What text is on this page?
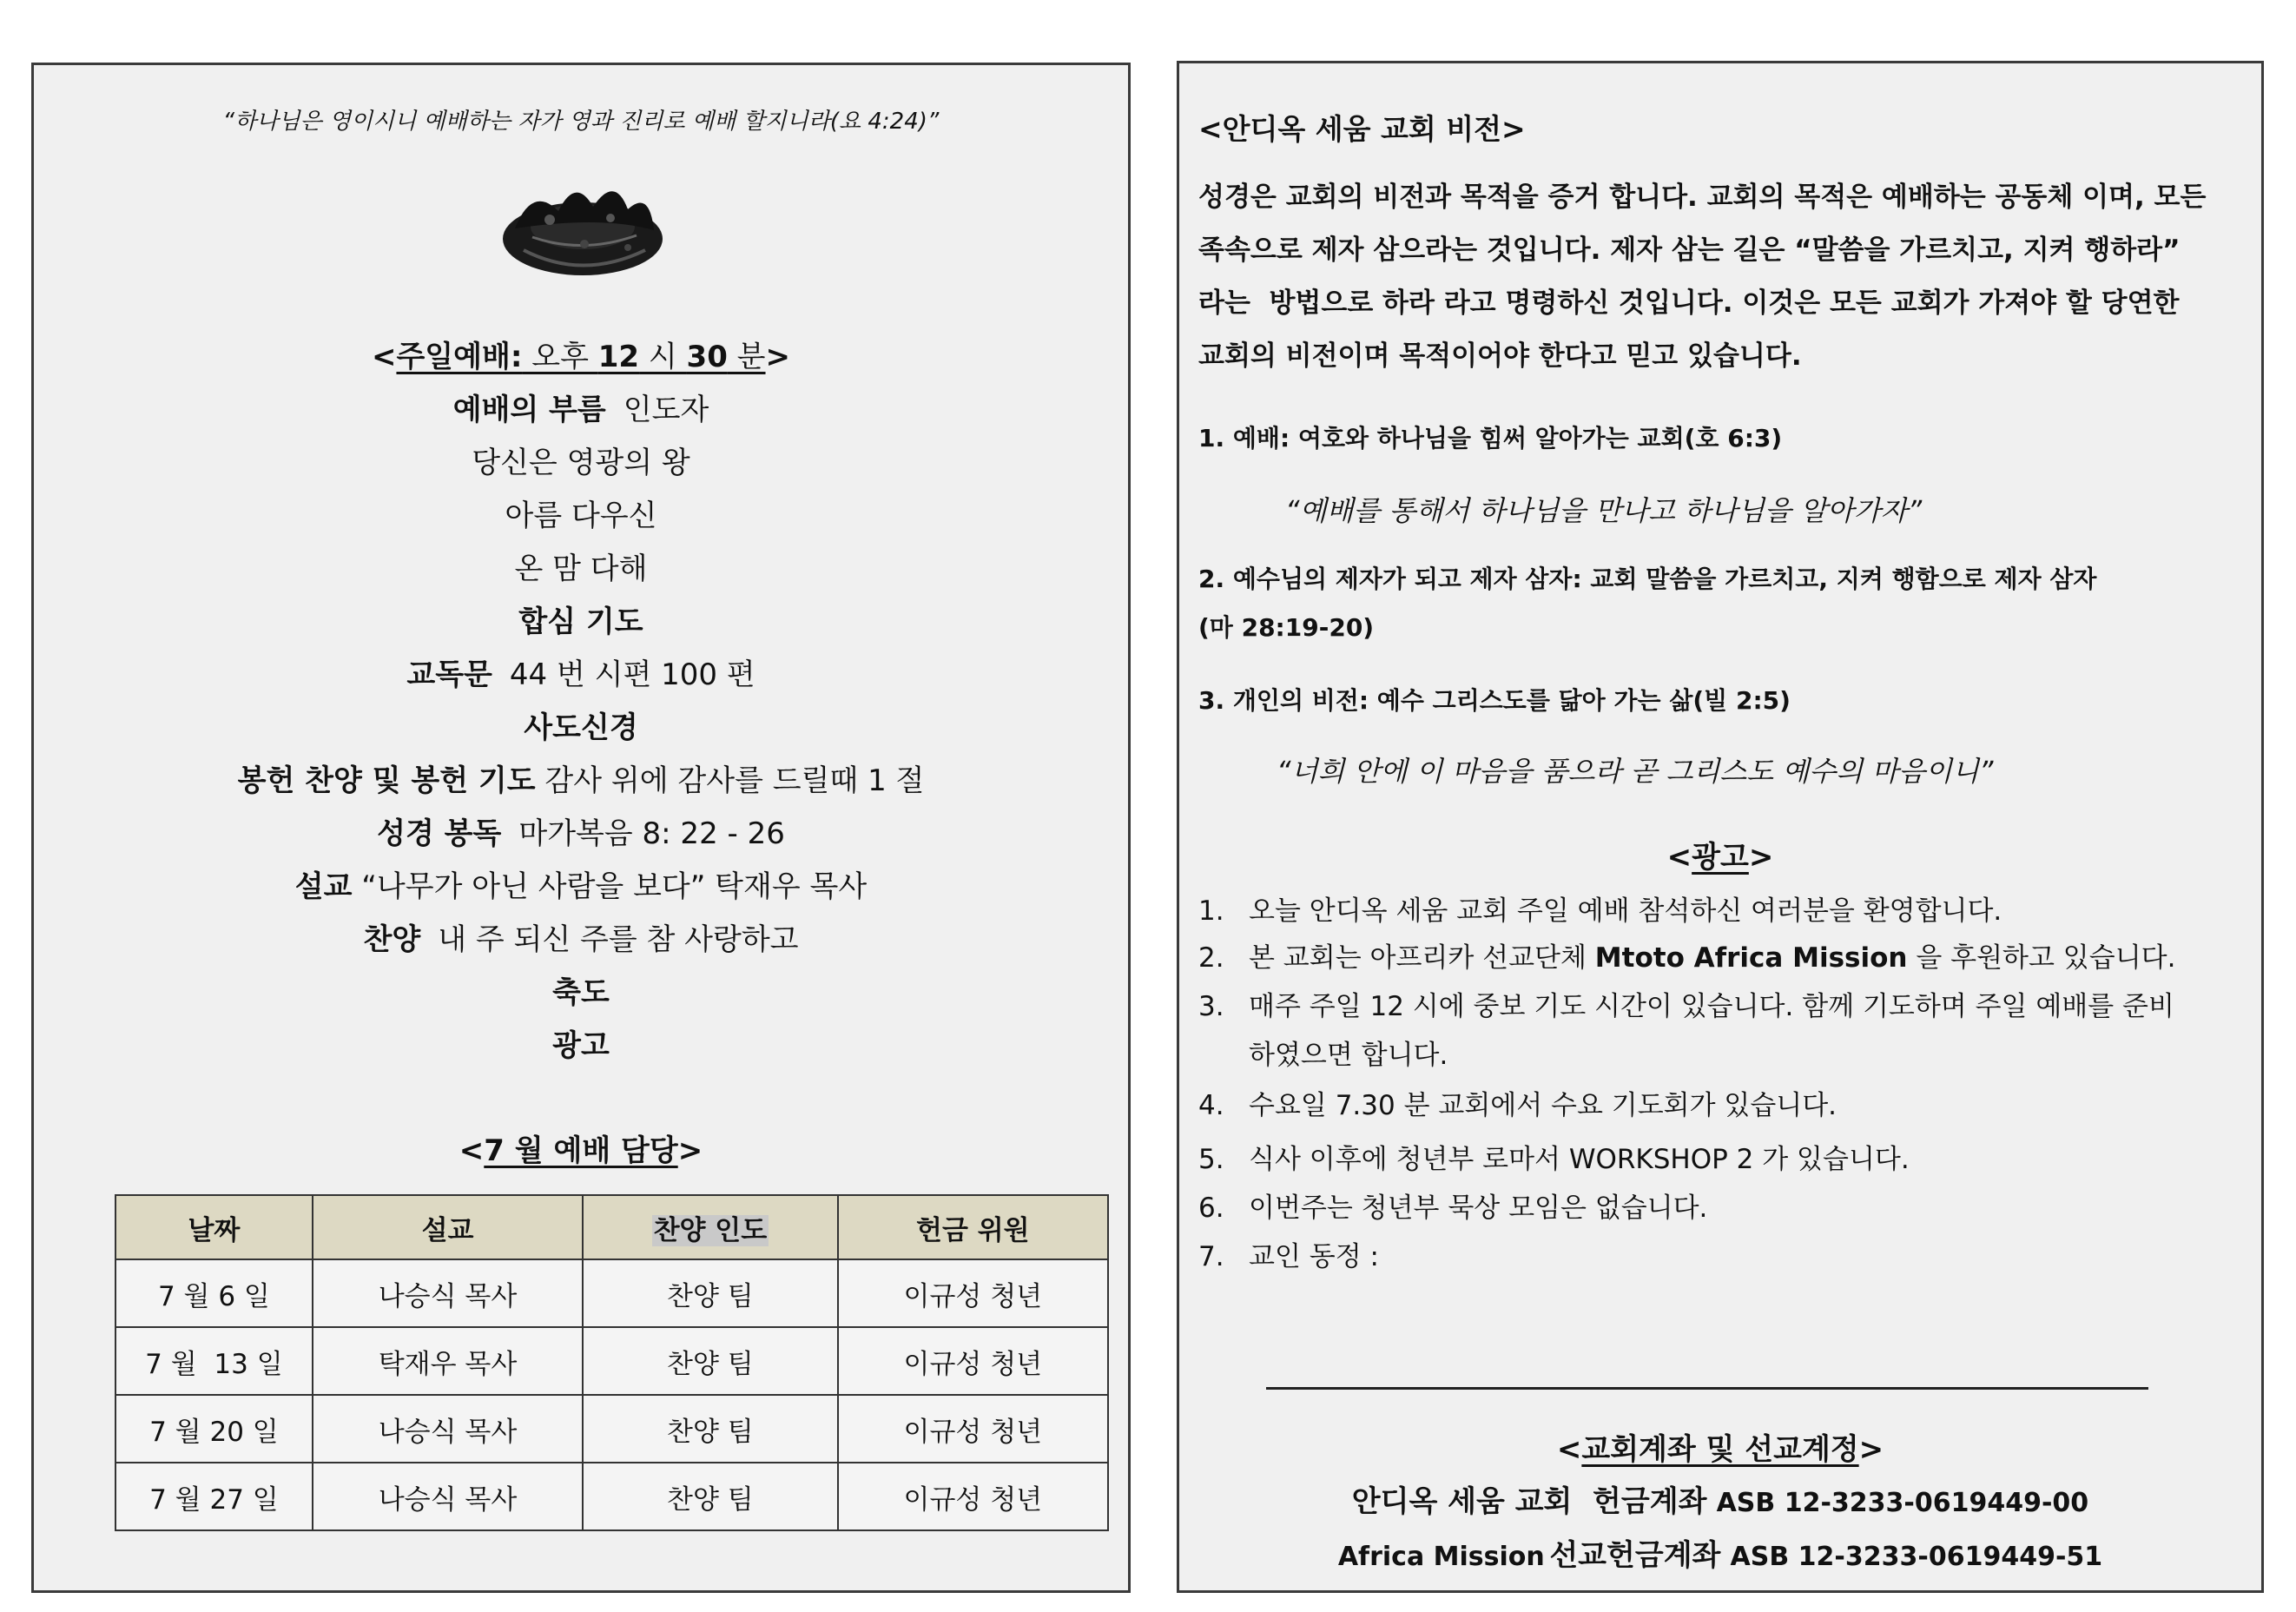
“하나님은 영이시니 예배하는 자가 영과 진리로 예배 할지니라(요 4:24)”
<주일예배: 오후 12 시 30 분>
예배의 부름 인도자
당신은 영광의 왕
아름 다우신
온 맘 다해
합심 기도
교독문 44 번 시편 100 편
사도신경
봉헌 찬양 및 봉헌 기도 감사 위에 감사를 드릴때 1 절
성경 봉독 마가복음 8: 22 - 26
설교 “나무가 아닌 사람을 보다” 탁재우 목사
찬양 내 주 되신 주를 참 사랑하고
축도
광고
<7 월 예배 담당>
날짜	설교	찬양 인도	헌금 위원
7 월 6 일	나승식 목사	찬양 팀	이규성 청년
7 월  13 일	탁재우 목사	찬양 팀	이규성 청년
7 월 20 일	나승식 목사	찬양 팀	이규성 청년
7 월 27 일	나승식 목사	찬양 팀	이규성 청년
<안디옥 세움 교회 비전>
성경은 교회의 비전과 목적을 증거 합니다. 교회의 목적은 예배하는 공동체 이며, 모든
족속으로 제자 삼으라는 것입니다. 제자 삼는 길은 “말씀을 가르치고, 지켜 행하라”
라는  방법으로 하라 라고 명령하신 것입니다. 이것은 모든 교회가 가져야 할 당연한
교회의 비전이며 목적이어야 한다고 믿고 있습니다.
1. 예배: 여호와 하나님을 힘써 알아가는 교회(호 6:3)
“예배를 통해서 하나님을 만나고 하나님을 알아가자”
2. 예수님의 제자가 되고 제자 삼자: 교회 말씀을 가르치고, 지켜 행함으로 제자 삼자
(마 28:19-20)
3. 개인의 비전: 예수 그리스도를 닮아 가는 삶(빌 2:5)
“너희 안에 이 마음을 품으라 곧 그리스도 예수의 마음이니”
<광고>
1. 오늘 안디옥 세움 교회 주일 예배 참석하신 여러분을 환영합니다.
2. 본 교회는 아프리카 선교단체 Mtoto Africa Mission 을 후원하고 있습니다.
3. 매주 주일 12 시에 중보 기도 시간이 있습니다. 함께 기도하며 주일 예배를 준비
하였으면 합니다.
4. 수요일 7.30 분 교회에서 수요 기도회가 있습니다.
5. 식사 이후에 청년부 로마서 WORKSHOP 2 가 있습니다.
6. 이번주는 청년부 묵상 모임은 없습니다.
7. 교인 동정 :
<교회계좌 및 선교계정>
안디옥 세움 교회  헌금계좌 ASB 12-3233-0619449-00
Africa Mission 선교헌금계좌 ASB 12-3233-0619449-51
